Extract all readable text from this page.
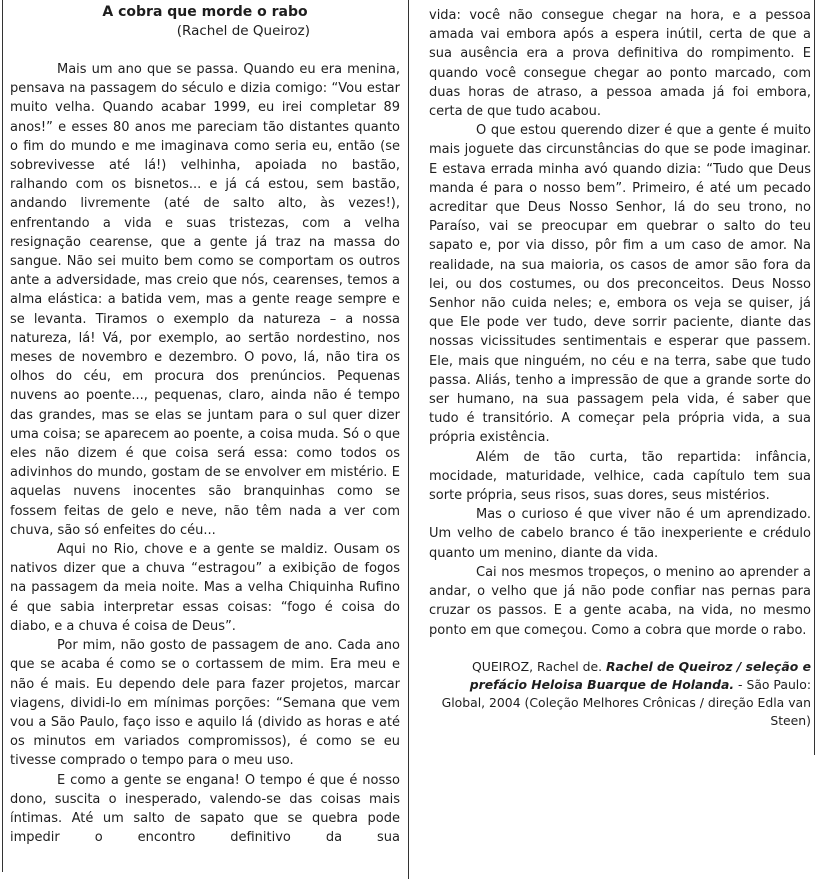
A cobra que morde o rabo
(Rachel de Queiroz)

Mais um ano que se passa. Quando eu era menina, pensava na passagem do século e dizia comigo: “Vou estar muito velha. Quando acabar 1999, eu irei completar 89 anos!” e esses 80 anos me pareciam tão distantes quanto o fim do mundo e me imaginava como seria eu, então (se sobrevivesse até lá!) velhinha, apoiada no bastão, ralhando com os bisnetos... e já cá estou, sem bastão, andando livremente (até de salto alto, às vezes!), enfrentando a vida e suas tristezas, com a velha resignação cearense, que a gente já traz na massa do sangue. Não sei muito bem como se comportam os outros ante a adversidade, mas creio que nós, cearenses, temos a alma elástica: a batida vem, mas a gente reage sempre e se levanta. Tiramos o exemplo da natureza – a nossa natureza, lá! Vá, por exemplo, ao sertão nordestino, nos meses de novembro e dezembro. O povo, lá, não tira os olhos do céu, em procura dos prenúncios. Pequenas nuvens ao poente..., pequenas, claro, ainda não é tempo das grandes, mas se elas se juntam para o sul quer dizer uma coisa; se aparecem ao poente, a coisa muda. Só o que eles não dizem é que coisa será essa: como todos os adivinhos do mundo, gostam de se envolver em mistério. E aquelas nuvens inocentes são branquinhas como se fossem feitas de gelo e neve, não têm nada a ver com chuva, são só enfeites do céu...

Aqui no Rio, chove e a gente se maldiz. Ousam os nativos dizer que a chuva “estragou” a exibição de fogos na passagem da meia noite. Mas a velha Chiquinha Rufino é que sabia interpretar essas coisas: “fogo é coisa do diabo, e a chuva é coisa de Deus”.

Por mim, não gosto de passagem de ano. Cada ano que se acaba é como se o cortassem de mim. Era meu e não é mais. Eu dependo dele para fazer projetos, marcar viagens, dividi-lo em mínimas porções: “Semana que vem vou a São Paulo, faço isso e aquilo lá (divido as horas e até os minutos em variados compromissos), é como se eu tivesse comprado o tempo para o meu uso.

E como a gente se engana! O tempo é que é nosso dono, suscita o inesperado, valendo-se das coisas mais íntimas. Até um salto de sapato que se quebra pode impedir o encontro definitivo da sua

vida: você não consegue chegar na hora, e a pessoa amada vai embora após a espera inútil, certa de que a sua ausência era a prova definitiva do rompimento. E quando você consegue chegar ao ponto marcado, com duas horas de atraso, a pessoa amada já foi embora, certa de que tudo acabou.

O que estou querendo dizer é que a gente é muito mais joguete das circunstâncias do que se pode imaginar. E estava errada minha avó quando dizia: “Tudo que Deus manda é para o nosso bem”. Primeiro, é até um pecado acreditar que Deus Nosso Senhor, lá do seu trono, no Paraíso, vai se preocupar em quebrar o salto do teu sapato e, por via disso, pôr fim a um caso de amor. Na realidade, na sua maioria, os casos de amor são fora da lei, ou dos costumes, ou dos preconceitos. Deus Nosso Senhor não cuida neles; e, embora os veja se quiser, já que Ele pode ver tudo, deve sorrir paciente, diante das nossas vicissitudes sentimentais e esperar que passem. Ele, mais que ninguém, no céu e na terra, sabe que tudo passa. Aliás, tenho a impressão de que a grande sorte do ser humano, na sua passagem pela vida, é saber que tudo é transitório. A começar pela própria vida, a sua própria existência.

Além de tão curta, tão repartida: infância, mocidade, maturidade, velhice, cada capítulo tem sua sorte própria, seus risos, suas dores, seus mistérios.

Mas o curioso é que viver não é um aprendizado. Um velho de cabelo branco é tão inexperiente e crédulo quanto um menino, diante da vida.

Cai nos mesmos tropeços, o menino ao aprender a andar, o velho que já não pode confiar nas pernas para cruzar os passos. E a gente acaba, na vida, no mesmo ponto em que começou. Como a cobra que morde o rabo.

QUEIROZ, Rachel de. Rachel de Queiroz / seleção e prefácio Heloisa Buarque de Holanda. - São Paulo: Global, 2004 (Coleção Melhores Crônicas / direção Edla van Steen)
